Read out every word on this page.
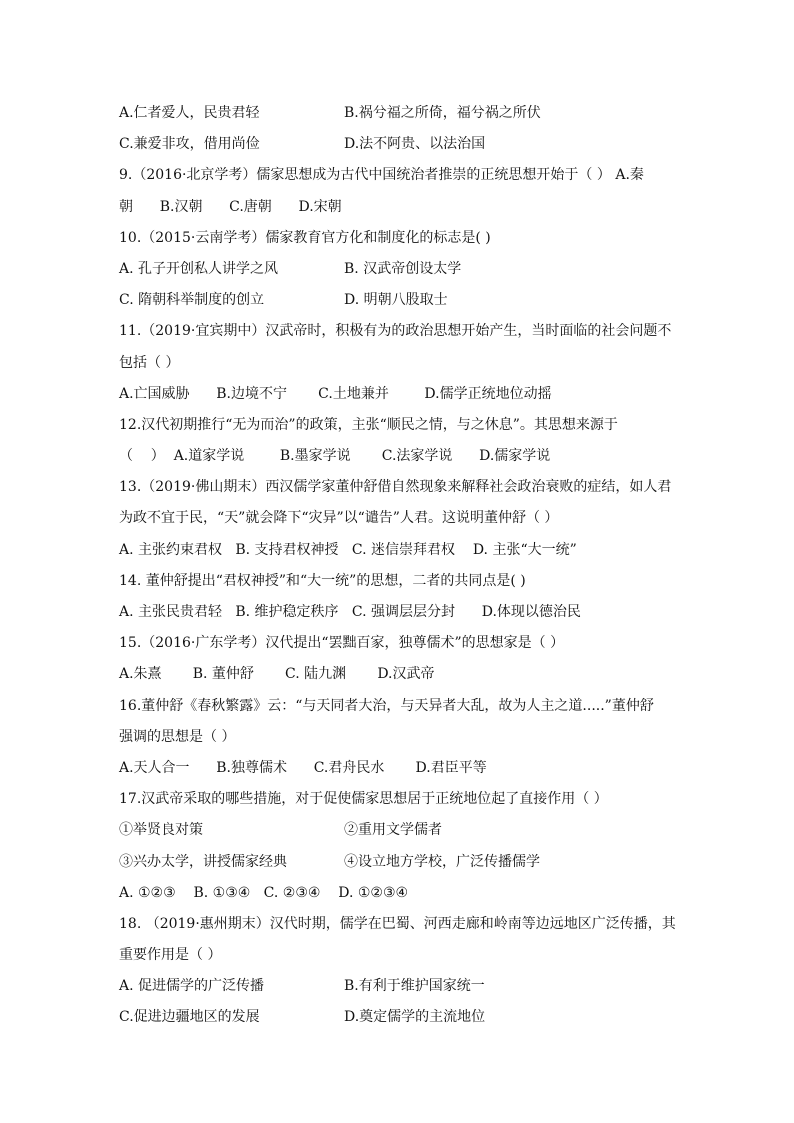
A.仁者爱人，民贵君轻	B.祸兮福之所倚，福兮祸之所伏
C.兼爱非攻，借用尚俭	D.法不阿贵、以法治国
9.（2016·北京学考）儒家思想成为古代中国统治者推崇的正统思想开始于（ ） A.秦
朝      B.汉朝      C.唐朝      D.宋朝
10.（2015·云南学考）儒家教育官方化和制度化的标志是( )
A. 孔子开创私人讲学之风	B. 汉武帝创设太学
C. 隋朝科举制度的创立	D. 明朝八股取士
11.（2019·宜宾期中）汉武帝时，积极有为的政治思想开始产生，当时面临的社会问题不
包括（ ）
A.亡国威胁      B.边境不宁       C.土地兼并        D.儒学正统地位动摇
12.汉代初期推行“无为而治”的政策，主张“顺民之情，与之休息”。其思想来源于
（    ）  A.道家学说        B.墨家学说       C.法家学说      D.儒家学说
13.（2019·佛山期末）西汉儒学家董仲舒借自然现象来解释社会政治衰败的症结，如人君
为政不宜于民，“天”就会降下“灾异”以“谴告”人君。这说明董仲舒（ ）
A. 主张约束君权   B. 支持君权神授   C. 迷信崇拜君权    D. 主张“大一统”
14. 董仲舒提出“君权神授”和“大一统”的思想，二者的共同点是( )
A. 主张民贵君轻   B. 维护稳定秩序   C. 强调层层分封      D.体现以德治民
15.（2016·广东学考）汉代提出“罢黜百家，独尊儒术”的思想家是（ ）
A.朱熹       B. 董仲舒       C. 陆九渊       D.汉武帝
16.董仲舒《春秋繁露》云：“与天同者大治，与天异者大乱，故为人主之道.....”董仲舒
强调的思想是（ ）
A.天人合一      B.独尊儒术      C.君舟民水       D.君臣平等
17.汉武帝采取的哪些措施，对于促使儒家思想居于正统地位起了直接作用（ ）
①举贤良对策	②重用文学儒者
③兴办太学，讲授儒家经典	④设立地方学校，广泛传播儒学
A. ①②③    B. ①③④   C. ②③④    D. ①②③④
18. （2019·惠州期末）汉代时期，儒学在巴蜀、河西走廊和岭南等边远地区广泛传播，其
重要作用是（ ）
A. 促进儒学的广泛传播	B.有利于维护国家统一
C.促进边疆地区的发展	D.奠定儒学的主流地位
